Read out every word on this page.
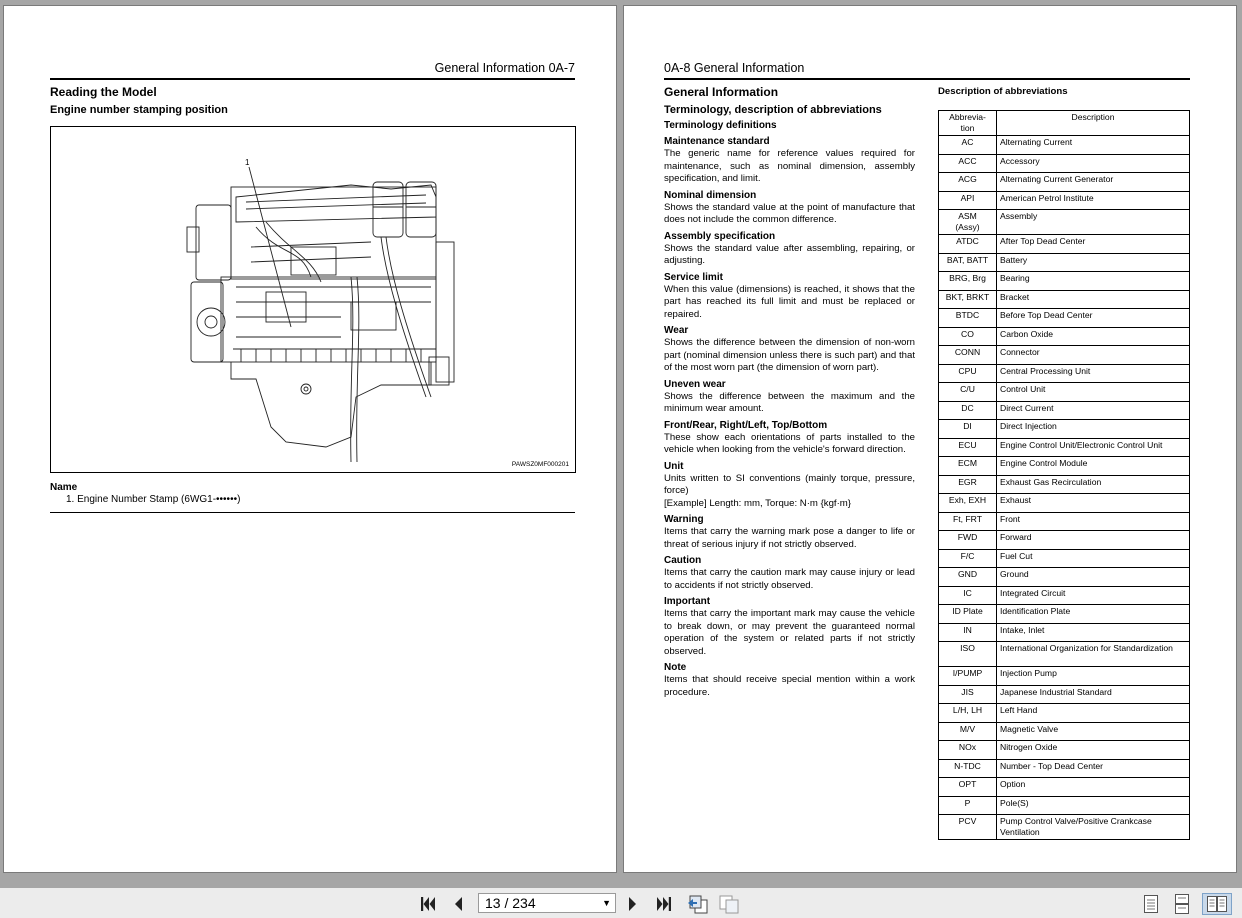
General Information 0A-7
Reading the Model
Engine number stamping position
1
PAWSZ0MF000201
Name
1. Engine Number Stamp (6WG1-••••••)
0A-8 General Information
General Information
Terminology, description of abbreviations
Description of abbreviations
Terminology definitions
Maintenance standard
The generic name for reference values required for maintenance, such as nominal dimension, assembly specification, and limit.
Nominal dimension
Shows the standard value at the point of manufacture that does not include the common difference.
Assembly specification
Shows the standard value after assembling, repairing, or adjusting.
Service limit
When this value (dimensions) is reached, it shows that the part has reached its full limit and must be replaced or repaired.
Wear
Shows the difference between the dimension of non-worn part (nominal dimension unless there is such part) and that of the most worn part (the dimension of worn part).
Uneven wear
Shows the difference between the maximum and the minimum wear amount.
Front/Rear, Right/Left, Top/Bottom
These show each orientations of parts installed to the vehicle when looking from the vehicle's forward direction.
Unit
Units written to SI conventions (mainly torque, pressure, force)
[Example] Length: mm, Torque: N·m {kgf·m}
Warning
Items that carry the warning mark pose a danger to life or threat of serious injury if not strictly observed.
Caution
Items that carry the caution mark may cause injury or lead to accidents if not strictly observed.
Important
Items that carry the important mark may cause the vehicle to break down, or may prevent the guaranteed normal operation of the system or related parts if not strictly observed.
Note
Items that should receive special mention within a work procedure.
Abbrevia-
tion	Description
AC	Alternating Current
ACC	Accessory
ACG	Alternating Current Generator
API	American Petrol Institute
ASM
(Assy)	Assembly
ATDC	After Top Dead Center
BAT, BATT	Battery
BRG, Brg	Bearing
BKT, BRKT	Bracket
BTDC	Before Top Dead Center
CO	Carbon Oxide
CONN	Connector
CPU	Central Processing Unit
C/U	Control Unit
DC	Direct Current
DI	Direct Injection
ECU	Engine Control Unit/Electronic Control Unit
ECM	Engine Control Module
EGR	Exhaust Gas Recirculation
Exh, EXH	Exhaust
Ft, FRT	Front
FWD	Forward
F/C	Fuel Cut
GND	Ground
IC	Integrated Circuit
ID Plate	Identification Plate
IN	Intake, Inlet
ISO	International Organization for Standardization
I/PUMP	Injection Pump
JIS	Japanese Industrial Standard
L/H, LH	Left Hand
M/V	Magnetic Valve
NOx	Nitrogen Oxide
N-TDC	Number - Top Dead Center
OPT	Option
P	Pole(S)
PCV	Pump Control Valve/Positive Crankcase Ventilation
13 / 234	▼
